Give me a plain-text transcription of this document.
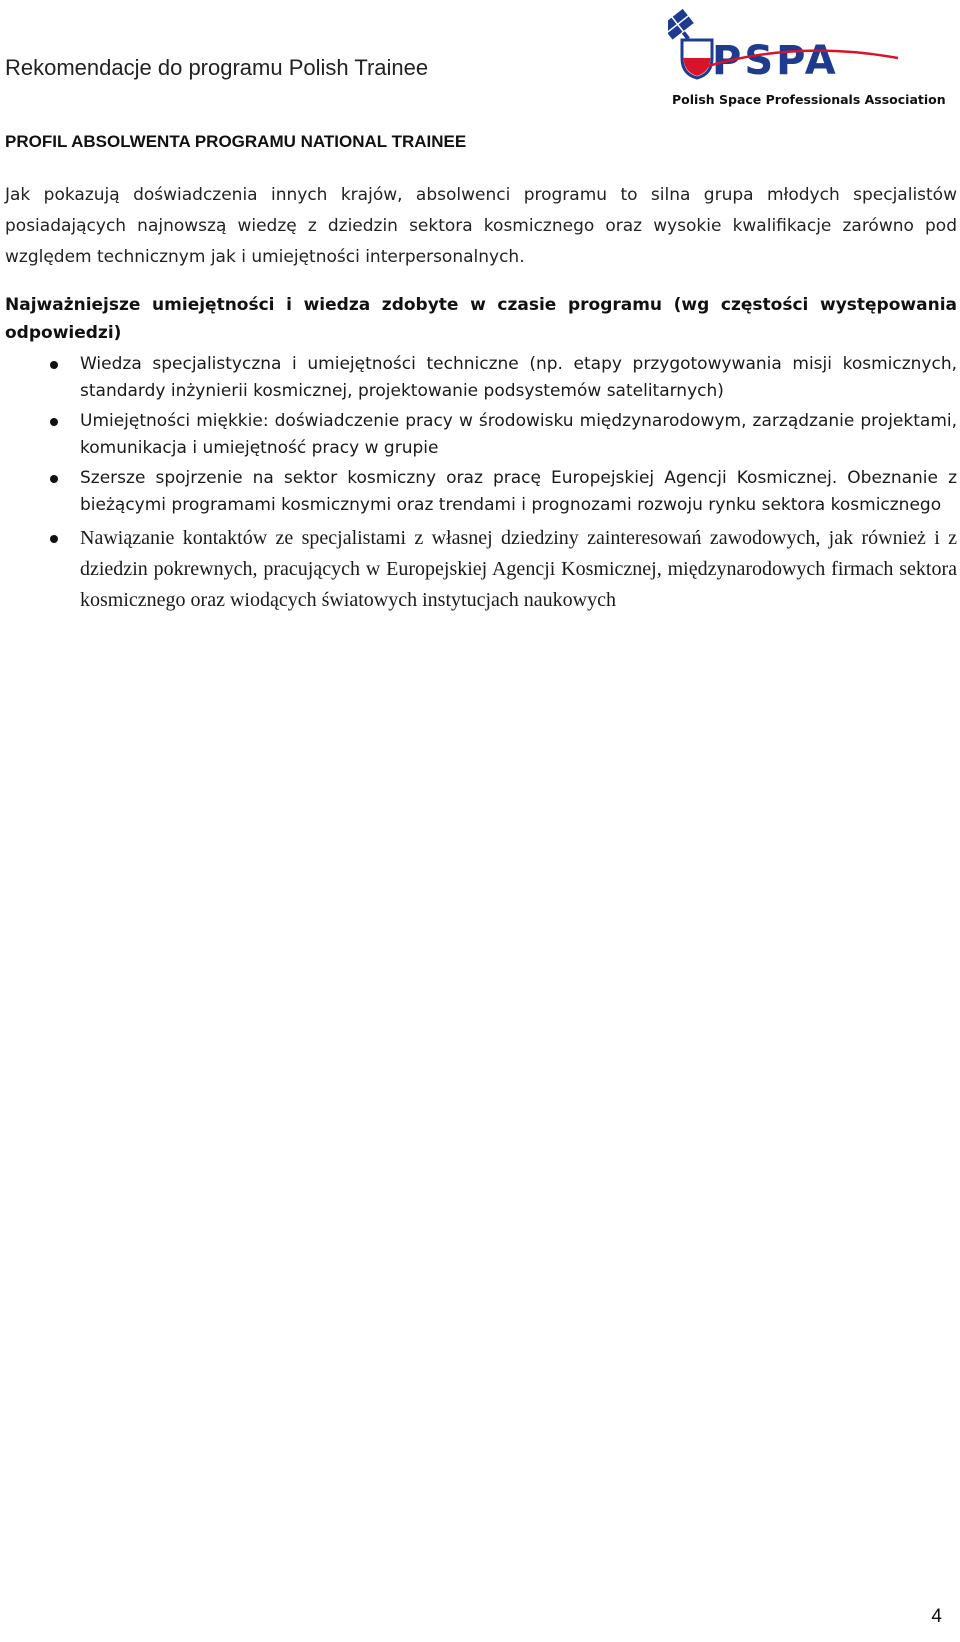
Rekomendacje do programu Polish Trainee	PSPA
Polish Space Professionals Association
PROFIL ABSOLWENTA PROGRAMU NATIONAL TRAINEE

Jak pokazują doświadczenia innych krajów, absolwenci programu to silna grupa młodych specjalistów posiadających najnowszą wiedzę z dziedzin sektora kosmicznego oraz wysokie kwalifikacje zarówno pod względem technicznym jak i umiejętności interpersonalnych.

Najważniejsze umiejętności i wiedza zdobyte w czasie programu (wg częstości występowania odpowiedzi)

Wiedza specjalistyczna i umiejętności techniczne (np. etapy przygotowywania misji kosmicznych, standardy inżynierii kosmicznej, projektowanie podsystemów satelitarnych)
Umiejętności miękkie: doświadczenie pracy w środowisku międzynarodowym, zarządzanie projektami, komunikacja i umiejętność pracy w grupie
Szersze spojrzenie na sektor kosmiczny oraz pracę Europejskiej Agencji Kosmicznej. Obeznanie z bieżącymi programami kosmicznymi oraz trendami i prognozami rozwoju rynku sektora kosmicznego
Nawiązanie kontaktów ze specjalistami z własnej dziedziny zainteresowań zawodowych, jak również i z dziedzin pokrewnych, pracujących w Europejskiej Agencji Kosmicznej, międzynarodowych firmach sektora kosmicznego oraz wiodących światowych instytucjach naukowych
4
